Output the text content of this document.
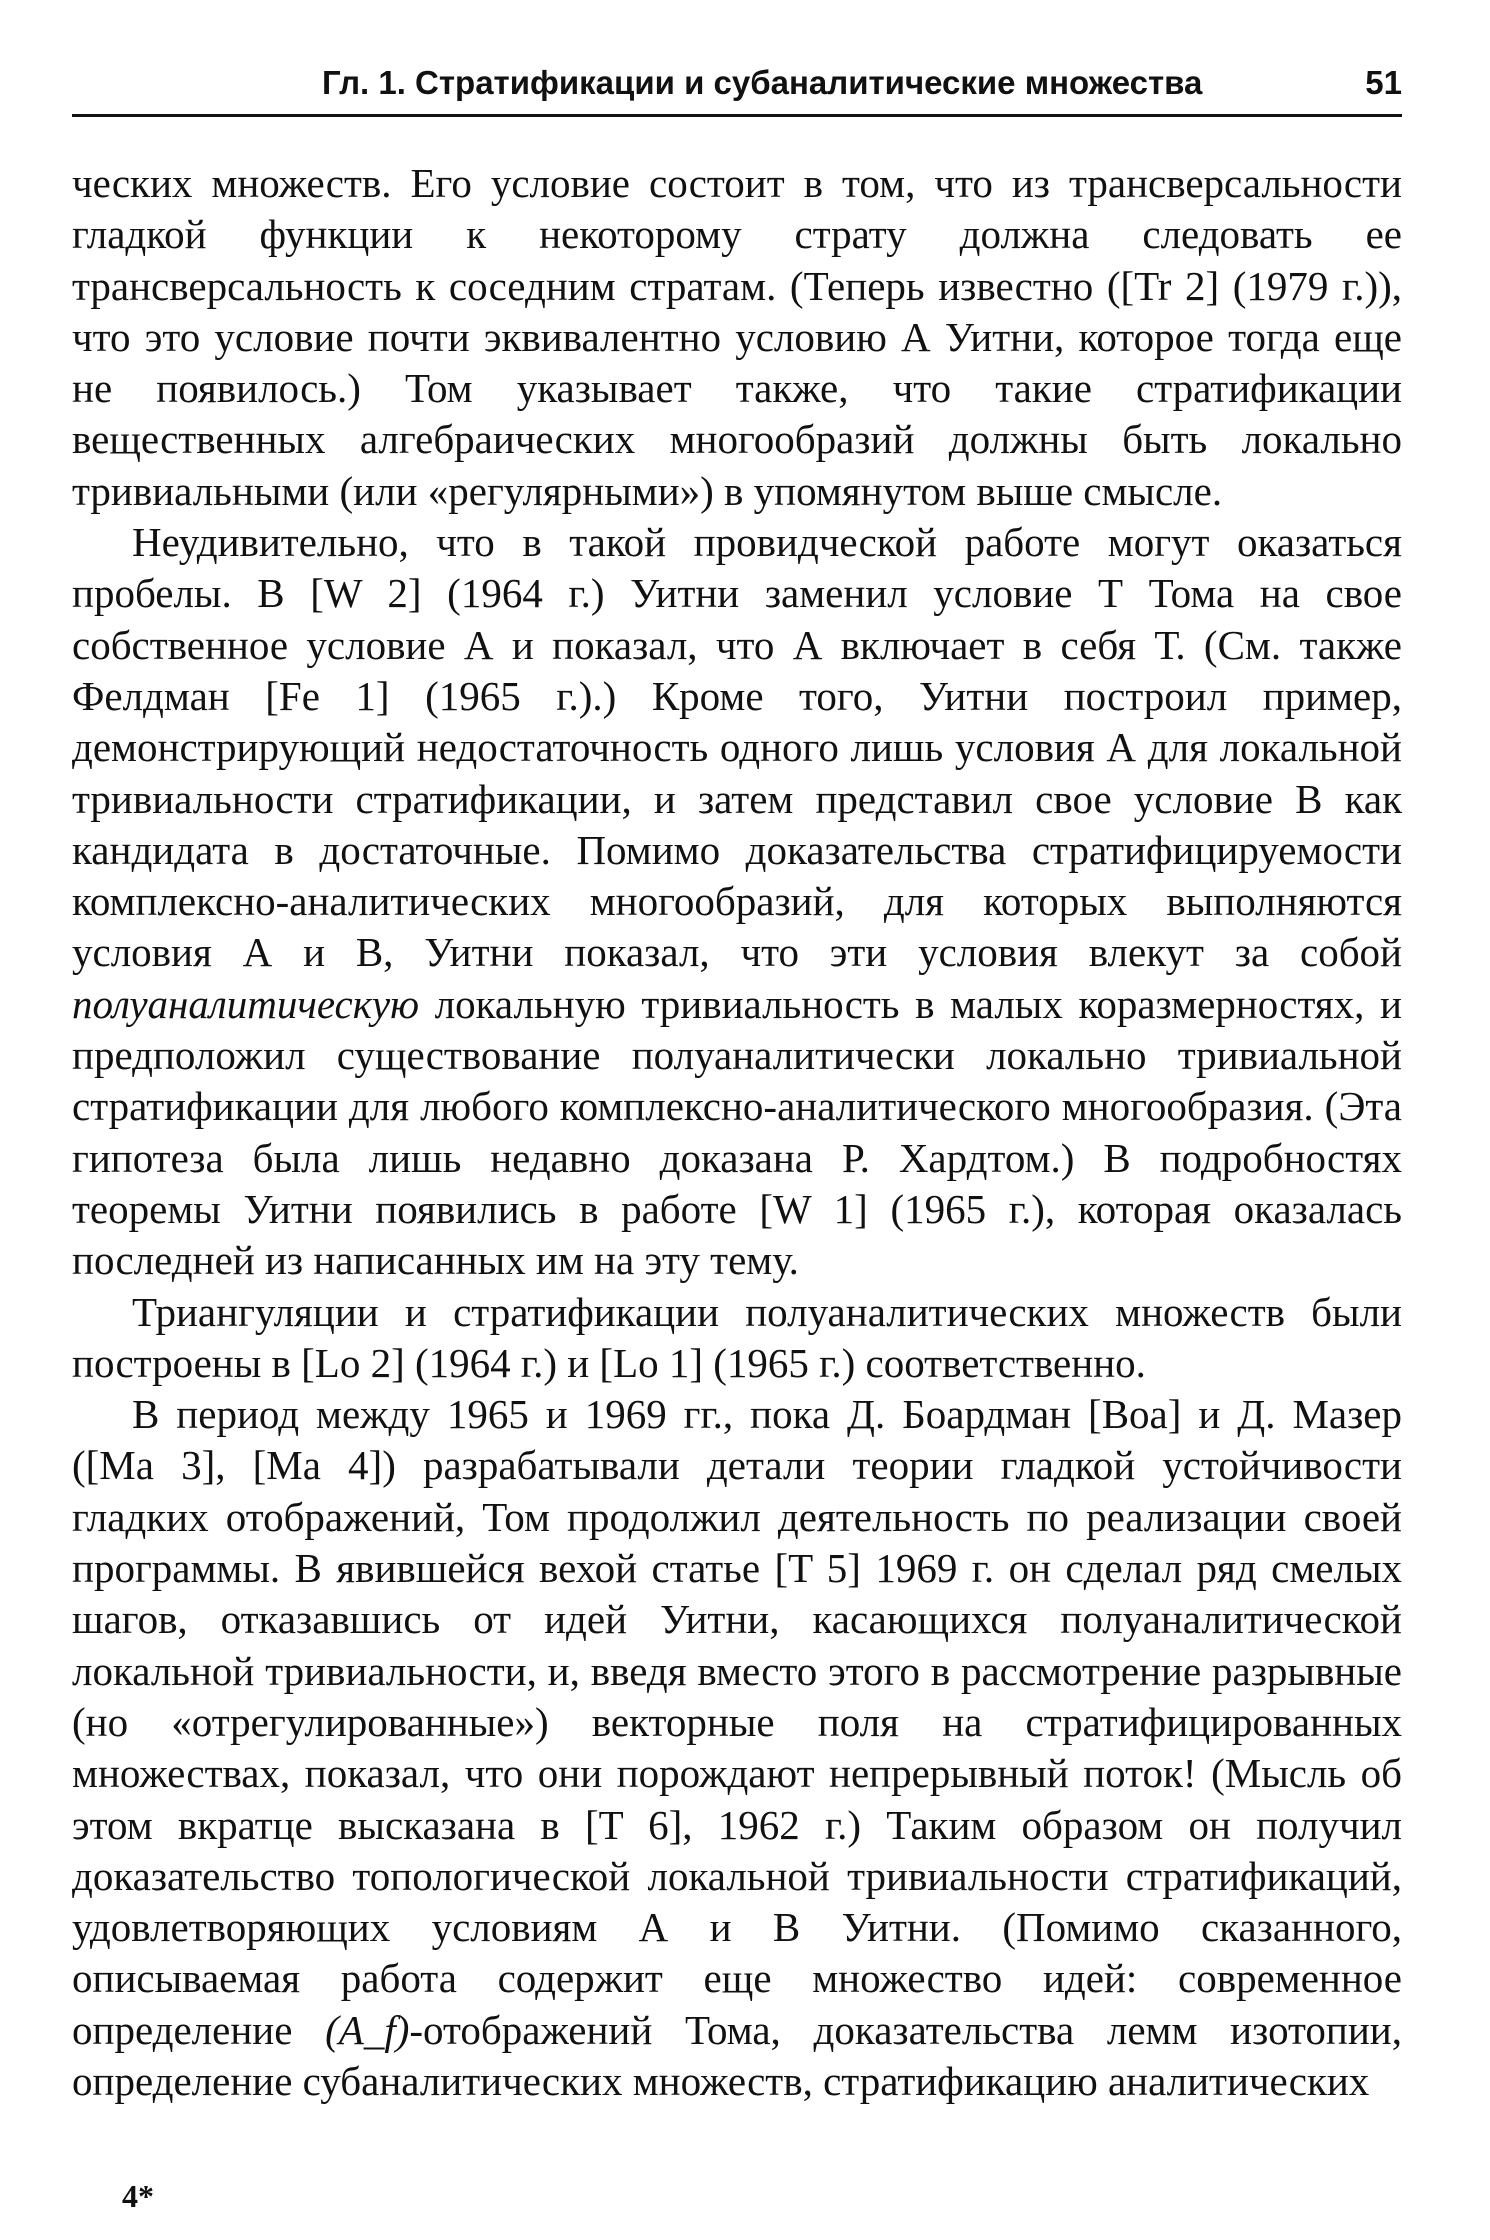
Гл. 1. Стратификации и субаналитические множества	51

ческих множеств. Его условие состоит в том, что из трансверсальности гладкой функции к некоторому страту должна следовать ее трансверсальность к соседним стратам. (Теперь известно ([Tr 2] (1979 г.)), что это условие почти эквивалентно условию А Уитни, которое тогда еще не появилось.) Том указывает также, что такие стратификации вещественных алгебраических многообразий должны быть локально тривиальными (или «регулярными») в упомянутом выше смысле.

Неудивительно, что в такой провидческой работе могут оказаться пробелы. В [W 2] (1964 г.) Уитни заменил условие Т Тома на свое собственное условие А и показал, что А включает в себя Т. (См. также Фелдман [Fe 1] (1965 г.).) Кроме того, Уитни построил пример, демонстрирующий недостаточность одного лишь условия А для локальной тривиальности стратификации, и затем представил свое условие В как кандидата в достаточные. Помимо доказательства стратифицируемости комплексно-аналитических многообразий, для которых выполняются условия А и В, Уитни показал, что эти условия влекут за собой полуаналитическую локальную тривиальность в малых коразмерностях, и предположил существование полуаналитически локально тривиальной стратификации для любого комплексно-аналитического многообразия. (Эта гипотеза была лишь недавно доказана Р. Хардтом.) В подробностях теоремы Уитни появились в работе [W 1] (1965 г.), которая оказалась последней из написанных им на эту тему.

Триангуляции и стратификации полуаналитических множеств были построены в [Lo 2] (1964 г.) и [Lo 1] (1965 г.) соответственно.

В период между 1965 и 1969 гг., пока Д. Боардман [Boa] и Д. Мазер ([Ma 3], [Ma 4]) разрабатывали детали теории гладкой устойчивости гладких отображений, Том продолжил деятельность по реализации своей программы. В явившейся вехой статье [T 5] 1969 г. он сделал ряд смелых шагов, отказавшись от идей Уитни, касающихся полуаналитической локальной тривиальности, и, введя вместо этого в рассмотрение разрывные (но «отрегулированные») векторные поля на стратифицированных множествах, показал, что они порождают непрерывный поток! (Мысль об этом вкратце высказана в [T 6], 1962 г.) Таким образом он получил доказательство топологической локальной тривиальности стратификаций, удовлетворяющих условиям А и В Уитни. (Помимо сказанного, описываемая работа содержит еще множество идей: современное определение (A_f)-отображений Тома, доказательства лемм изотопии, определение субаналитических множеств, стратификацию аналитических

4*
